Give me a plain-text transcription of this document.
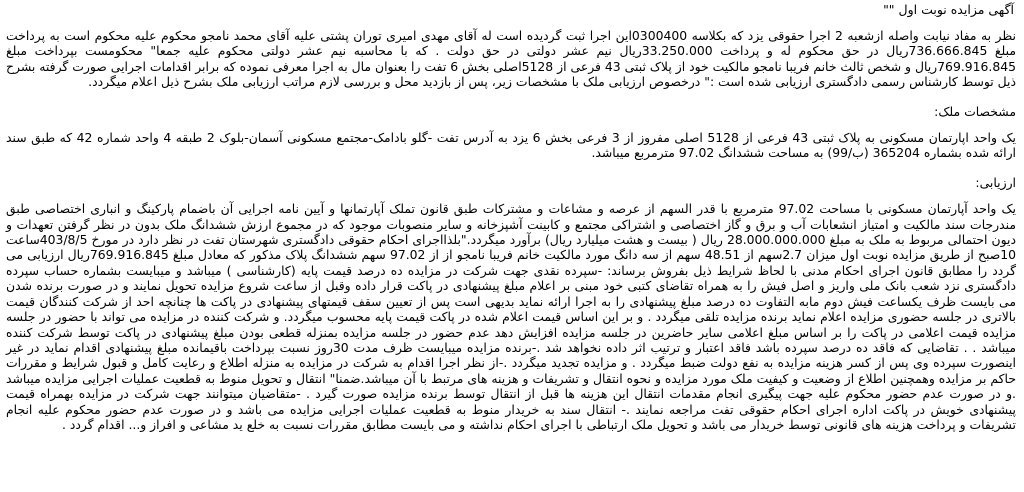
آگهی مزایده نوبت اول ""

نظر به مفاد نیابت واصله ازشعبه 2 اجرا حقوقی یزد که بکلاسه 0300400این اجرا ثبت گردیده است له آقای مهدی امیری توران پشتی علیه آقای محمد نامجو محکوم علیه محکوم است به پرداخت مبلغ 736.666.845ریال در حق محکوم له و پرداخت 33.250.000ریال نیم عشر دولتی در حق دولت . که با محاسبه نیم عشر دولتی محکوم علیه جمعا" محکومست بپرداخت مبلغ 769.916.845ریال و شخص ثالث خانم فریبا نامجو مالکیت خود از پلاک ثبتی 43 فرعی از 5128اصلی بخش 6 تفت را بعنوان مال به اجرا معرفی نموده که برابر اقدامات اجرایی صورت گرفته بشرح ذیل توسط کارشناس رسمی دادگستری ارزیابی شده است :" درخصوص ارزیابی ملک با مشخصات زیر، پس از بازدید محل و بررسی لازم مراتب ارزیابی ملک بشرح ذیل اعلام میگردد.

مشخصات ملک:

یک واحد اپارتمان مسکونی به پلاک ثبتی 43 فرعی از 5128 اصلی مفروز از 3 فرعی بخش 6 یزد به آدرس تفت -گلو بادامک-مجتمع مسکونی آسمان-بلوک 2 طبقه 4 واحد شماره 42 که طبق سند ارائه شده بشماره 365204 (ب/99) به مساحت ششدانگ 97.02 مترمربع میباشد.

ارزیابی:

یک واحد آپارتمان مسکونی با مساحت 97.02 مترمربع با قدر السهم از عرصه و مشاعات و مشترکات طبق قانون تملک آپارتمانها و آیین نامه اجرایی آن باضمام پارکینگ و انباری اختصاصی طبق مندرجات سند مالکیت و امتیاز انشعابات آب و برق و گاز اختصاصی و اشتراکی مجتمع و کابینت آشپزخانه و سایر منصوبات موجود که در مجموع ارزش ششدانگ ملک بدون در نظر گرفتن تعهدات و دیون احتمالی مربوط به ملک به مبلغ 28.000.000.000 ریال ( بیست و هشت میلیارد ریال) برآورد میگردد."بلذااجرای احکام حقوقی دادگستری شهرستان تفت در نظر دارد در مورخ 403/8/5ساعت 10صبح از طریق مزایده نوبت اول میزان 2.7سهم از 48.51 سهم از سه دانگ مورد مالکیت خانم فریبا نامجو از از 97.02 سهم ششدانگ پلاک مذکور که معادل مبلغ 769.916.845ریال ارزیابی می گردد را مطابق قانون اجرای احکام مدنی با لحاظ شرایط ذیل بفروش برساند: -سپرده نقدی جهت شرکت در مزایده ده درصد قیمت پایه (کارشناسی ) میباشد و میبایست بشماره حساب سپرده دادگستری نزد شعب بانک ملی واریز و اصل فیش را به همراه تقاضای کتبی خود مبنی بر اعلام مبلغ پیشنهادی در پاکت قرار داده وقبل از ساعت شروع مزایده تحویل نمایند و در صورت برنده شدن می بایست ظرف یکساعت فیش دوم مابه التفاوت ده درصد مبلغ پیشنهادی را به اجرا ارائه نماید بدیهی است پس از تعیین سقف قیمتهای پیشنهادی در پاکت ها چنانچه احد از شرکت کنندگان قیمت بالاتری در جلسه حضوری مزایده اعلام نماید برنده مزایده تلقی میگردد . و بر این اساس قیمت اعلام شده در پاکت قیمت پایه محسوب میگردد. و شرکت کننده در مزایده می تواند با حضور در جلسه مزایده قیمت اعلامی در پاکت را بر اساس مبلغ اعلامی سایر حاضرین در جلسه مزایده افزایش دهد عدم حضور در جلسه مزایده بمنزله قطعی بودن مبلغ پیشنهادی در پاکت توسط شرکت کننده میباشد . . تقاضایی که فاقد ده درصد سپرده باشد فاقد اعتبار و ترتیب اثر داده نخواهد شد .-برنده مزایده میبایست ظرف مدت 30روز نسبت بپرداخت باقیمانده مبلغ پیشنهادی اقدام نماید در غیر اینصورت سپرده وی پس از کسر هزینه مزایده به نفع دولت ضبط میگردد . و مزایده تجدید میگردد .-از نظر اجرا اقدام به شرکت در مزایده به منزله اطلاع و رعایت کامل و قبول شرایط و مقررات حاکم بر مزایده وهمچنین اطلاع از وضعیت و کیفیت ملک مورد مزایده و نحوه انتقال و تشریفات و هزینه های مرتبط با آن میباشد.ضمنا" انتقال و تحویل منوط به قطعیت عملیات اجرایی مزایده میباشد .و در صورت عدم حضور محکوم علیه جهت پیگیری انجام مقدمات انتقال این هزینه ها قبل از انتقال توسط برنده مزایده صورت گیرد . -متقاضیان میتوانند جهت شرکت در مزایده بهمراه قیمت پیشنهادی خویش در پاکت اداره اجرای احکام حقوقی تفت مراجعه نمایند .- انتقال سند به خریدار منوط به قطعیت عملیات اجرایی مزایده می باشد و در صورت عدم حضور محکوم علیه انجام تشریفات و پرداخت هزینه های قانونی توسط خریدار می باشد و تحویل ملک ارتباطی با اجرای احکام نداشته و می بایست مطابق مقررات نسبت به خلع ید مشاعی و افراز و... اقدام گردد .
